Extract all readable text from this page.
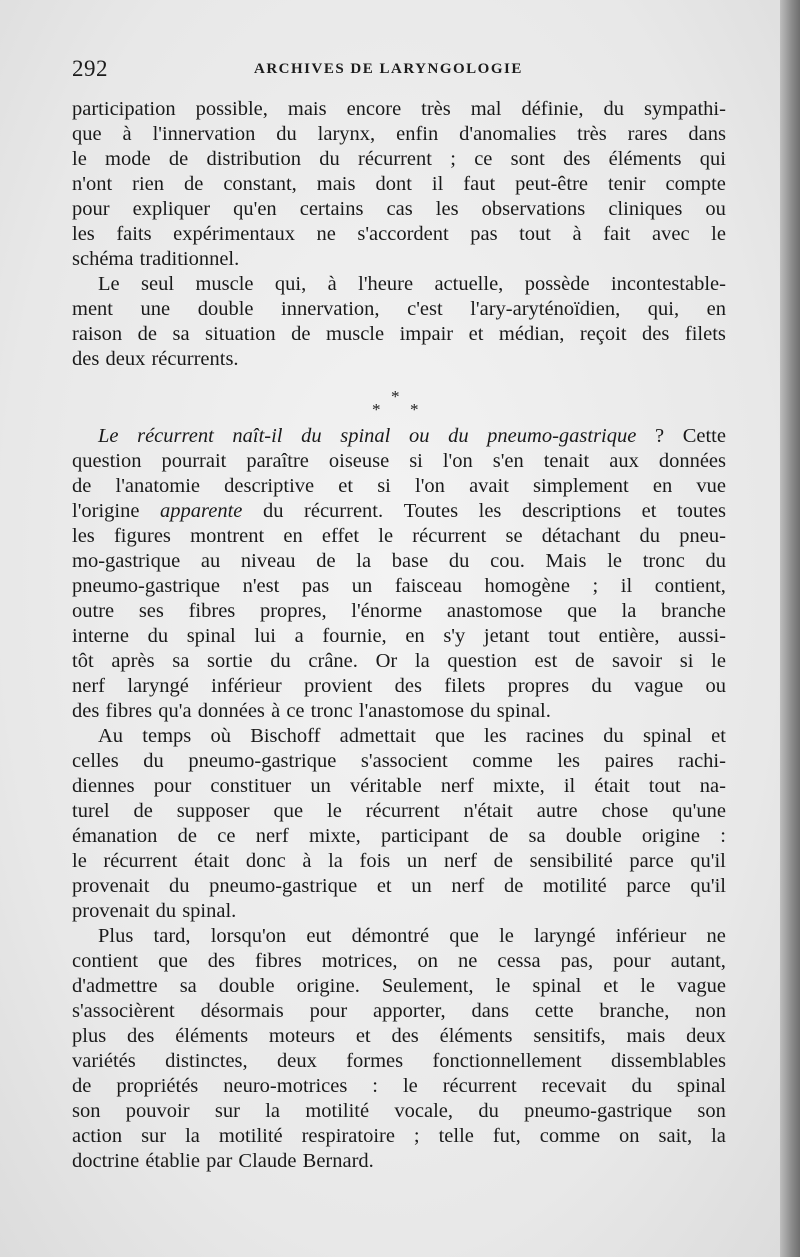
292	ARCHIVES DE LARYNGOLOGIE
participation possible, mais encore très mal définie, du sympathi-
que à l'innervation du larynx, enfin d'anomalies très rares dans
le mode de distribution du récurrent ; ce sont des éléments qui
n'ont rien de constant, mais dont il faut peut-être tenir compte
pour expliquer qu'en certains cas les observations cliniques ou
les faits expérimentaux ne s'accordent pas tout à fait avec le
schéma traditionnel.
Le seul muscle qui, à l'heure actuelle, possède incontestable-
ment une double innervation, c'est l'ary-aryténoïdien, qui, en
raison de sa situation de muscle impair et médian, reçoit des filets
des deux récurrents.
*
* *
Le récurrent naît-il du spinal ou du pneumo-gastrique ? Cette
question pourrait paraître oiseuse si l'on s'en tenait aux données
de l'anatomie descriptive et si l'on avait simplement en vue
l'origine apparente du récurrent. Toutes les descriptions et toutes
les figures montrent en effet le récurrent se détachant du pneu-
mo-gastrique au niveau de la base du cou. Mais le tronc du
pneumo-gastrique n'est pas un faisceau homogène ; il contient,
outre ses fibres propres, l'énorme anastomose que la branche
interne du spinal lui a fournie, en s'y jetant tout entière, aussi-
tôt après sa sortie du crâne. Or la question est de savoir si le
nerf laryngé inférieur provient des filets propres du vague ou
des fibres qu'a données à ce tronc l'anastomose du spinal.
Au temps où Bischoff admettait que les racines du spinal et
celles du pneumo-gastrique s'associent comme les paires rachi-
diennes pour constituer un véritable nerf mixte, il était tout na-
turel de supposer que le récurrent n'était autre chose qu'une
émanation de ce nerf mixte, participant de sa double origine :
le récurrent était donc à la fois un nerf de sensibilité parce qu'il
provenait du pneumo-gastrique et un nerf de motilité parce qu'il
provenait du spinal.
Plus tard, lorsqu'on eut démontré que le laryngé inférieur ne
contient que des fibres motrices, on ne cessa pas, pour autant,
d'admettre sa double origine. Seulement, le spinal et le vague
s'associèrent désormais pour apporter, dans cette branche, non
plus des éléments moteurs et des éléments sensitifs, mais deux
variétés distinctes, deux formes fonctionnellement dissemblables
de propriétés neuro-motrices : le récurrent recevait du spinal
son pouvoir sur la motilité vocale, du pneumo-gastrique son
action sur la motilité respiratoire ; telle fut, comme on sait, la
doctrine établie par Claude Bernard.
